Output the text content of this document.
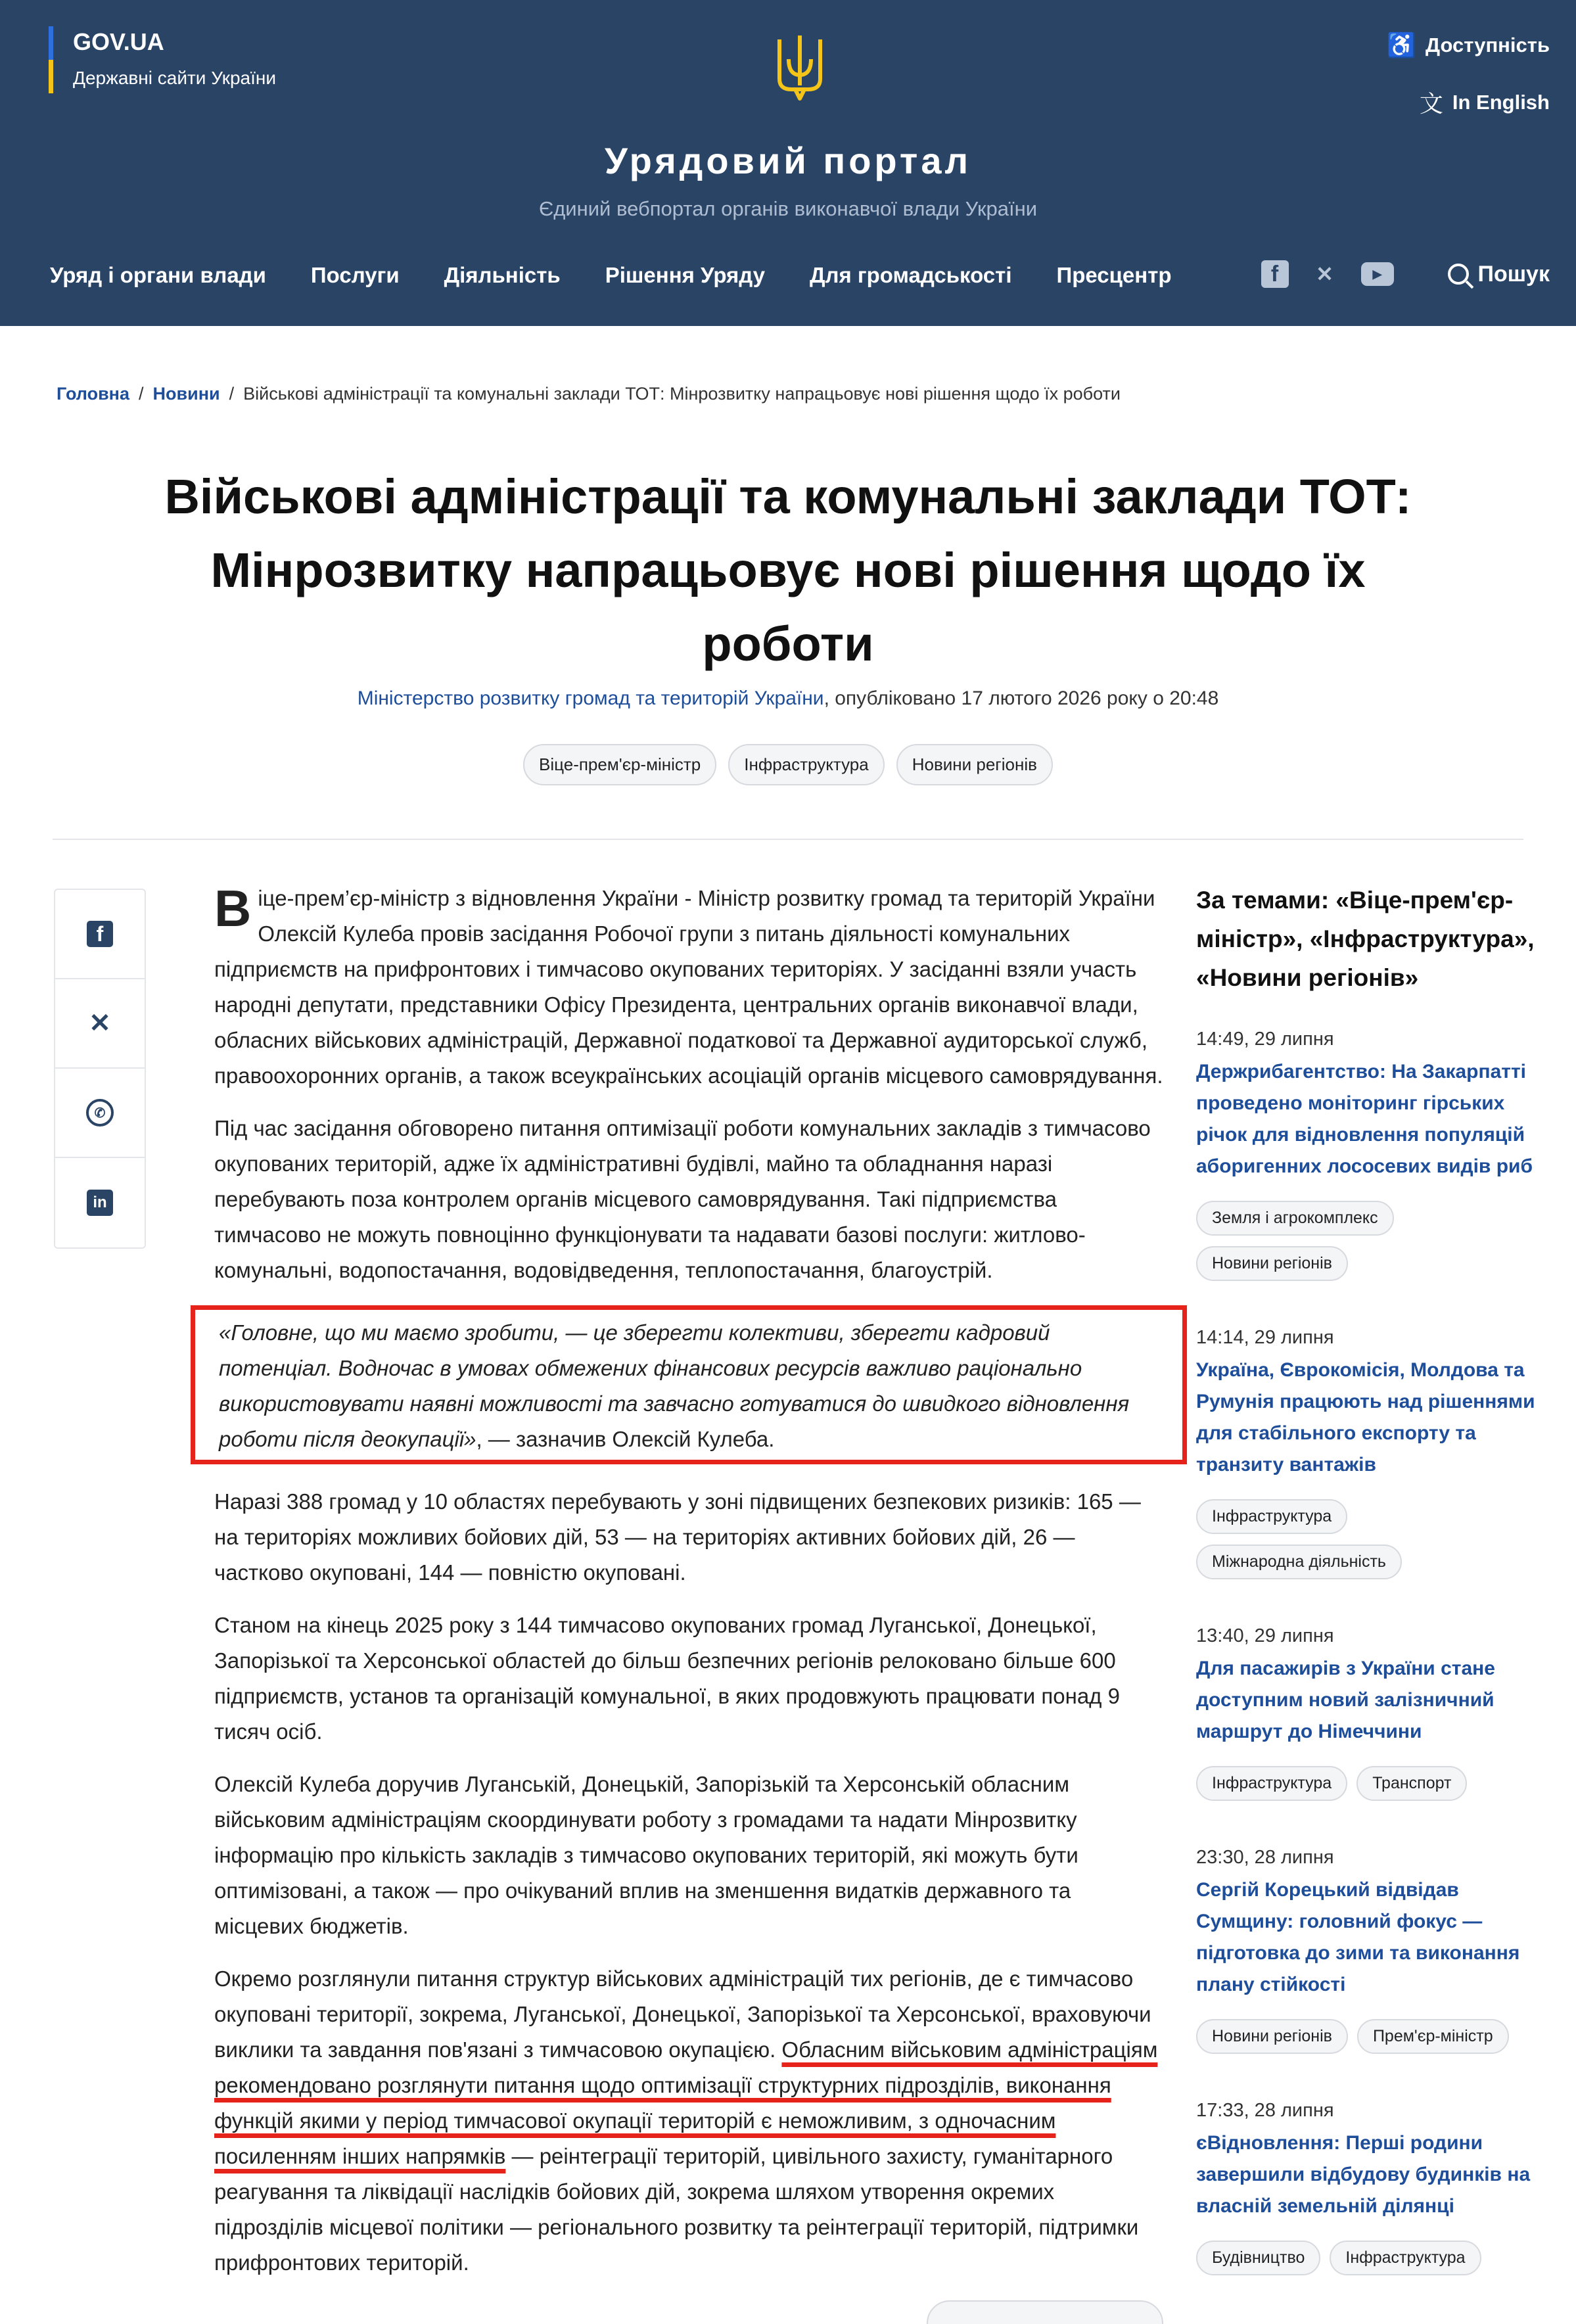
GOV.UA
Державні сайти України
♿ Доступність
文 In English
Урядовий портал
Єдиний вебпортал органів виконавчої влади України
Уряд і органи влади Послуги Діяльність Рішення Уряду Для громадськості Пресцентр	f	✕	▶	Пошук
Головна / Новини / Військові адміністрації та комунальні заклади ТОТ: Мінрозвитку напрацьовує нові рішення щодо їх роботи
Військові адміністрації та комунальні заклади ТОТ: Мінрозвитку напрацьовує нові рішення щодо їх роботи
Міністерство розвитку громад та територій України, опубліковано 17 лютого 2026 року о 20:48
Віце-прем'єр-міністр	Інфраструктура	Новини регіонів
f
✕
✆
in

Віце-прем’єр-міністр з відновлення України - Міністр розвитку громад та територій України Олексій Кулеба провів засідання Робочої групи з питань діяльності комунальних підприємств на прифронтових і тимчасово окупованих територіях. У засіданні взяли участь народні депутати, представники Офісу Президента, центральних органів виконавчої влади, обласних військових адміністрацій, Державної податкової та Державної аудиторської служб, правоохоронних органів, а також всеукраїнських асоціацій органів місцевого самоврядування.

Під час засідання обговорено питання оптимізації роботи комунальних закладів з тимчасово окупованих територій, адже їх адміністративні будівлі, майно та обладнання наразі перебувають поза контролем органів місцевого самоврядування. Такі підприємства тимчасово не можуть повноцінно функціонувати та надавати базові послуги: житлово-комунальні, водопостачання, водовідведення, теплопостачання, благоустрій.

«Головне, що ми маємо зробити, — це зберегти колективи, зберегти кадровий потенціал. Водночас в умовах обмежених фінансових ресурсів важливо раціонально використовувати наявні можливості та завчасно готуватися до швидкого відновлення роботи після деокупації», — зазначив Олексій Кулеба.

Наразі 388 громад у 10 областях перебувають у зоні підвищених безпекових ризиків: 165 — на територіях можливих бойових дій, 53 — на територіях активних бойових дій, 26 — частково окуповані, 144 — повністю окуповані.

Станом на кінець 2025 року з 144 тимчасово окупованих громад Луганської, Донецької, Запорізької та Херсонської областей до більш безпечних регіонів релоковано більше 600 підприємств, установ та організацій комунальної, в яких продовжують працювати понад 9 тисяч осіб.

Олексій Кулеба доручив Луганській, Донецькій, Запорізькій та Херсонській обласним військовим адміністраціям скоординувати роботу з громадами та надати Мінрозвитку інформацію про кількість закладів з тимчасово окупованих територій, які можуть бути оптимізовані, а також — про очікуваний вплив на зменшення видатків державного та місцевих бюджетів.

Окремо розглянули питання структур військових адміністрацій тих регіонів, де є тимчасово окуповані території, зокрема, Луганської, Донецької, Запорізької та Херсонської, враховуючи виклики та завдання пов'язані з тимчасовою окупацією. Обласним військовим адміністраціям рекомендовано розглянути питання щодо оптимізації структурних підрозділів, виконання функцій якими у період тимчасової окупації територій є неможливим, з одночасним посиленням інших напрямків — реінтеграції територій, цивільного захисту, гуманітарного реагування та ліквідації наслідків бойових дій, зокрема шляхом утворення окремих підрозділів місцевої політики — регіонального розвитку та реінтеграції територій, підтримки прифронтових територій.

За темами: «Віце-прем'єр-міністр», «Інфраструктура», «Новини регіонів»
14:49, 29 липня
Держрибагентство: На Закарпатті проведено моніторинг гірських річок для відновлення популяцій аборигенних лососевих видів риб
Земля і агрокомплекс
Новини регіонів
14:14, 29 липня
Україна, Єврокомісія, Молдова та Румунія працюють над рішеннями для стабільного експорту та транзиту вантажів
Інфраструктура
Міжнародна діяльність
13:40, 29 липня
Для пасажирів з України стане доступним новий залізничний маршрут до Німеччини
Інфраструктура	Транспорт
23:30, 28 липня
Сергій Корецький відвідав Сумщину: головний фокус — підготовка до зими та виконання плану стійкості
Новини регіонів	Прем'єр-міністр
17:33, 28 липня
єВідновлення: Перші родини завершили відбудову будинків на власній земельній ділянці
Будівництво	Інфраструктура
